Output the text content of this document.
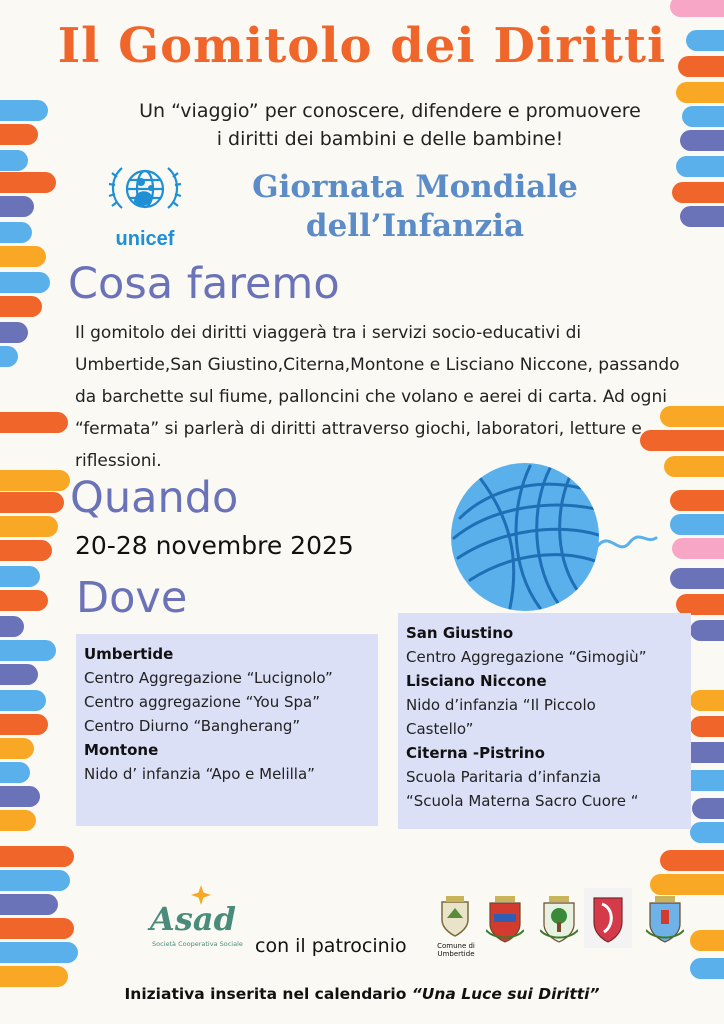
Il Gomitolo dei Diritti
Un “viaggio” per conoscere, difendere e promuovere
i diritti dei bambini e delle bambine!
unicef
Giornata Mondiale
dell’Infanzia
Cosa faremo
Il gomitolo dei diritti viaggerà tra i servizi socio-educativi di Umbertide,San Giustino,Citerna,Montone e Lisciano Niccone, passando da barchette sul fiume, palloncini che volano e aerei di carta. Ad ogni “fermata” si parlerà di diritti attraverso giochi, laboratori, letture e riflessioni.
Quando
20-28 novembre 2025
Dove
Umbertide
Centro Aggregazione “Lucignolo”
Centro aggregazione “You Spa”
Centro Diurno “Bangherang”
Montone
Nido d’ infanzia “Apo e Melilla”
San Giustino
Centro Aggregazione “Gimogiù”
Lisciano Niccone
Nido d’infanzia “Il Piccolo
Castello”
Citerna -Pistrino
Scuola Paritaria d’infanzia
“Scuola Materna Sacro Cuore “
Asad
Società Cooperativa Sociale con il patrocinio	Comune di Umbertide
Iniziativa inserita nel calendario “Una Luce sui Diritti”
